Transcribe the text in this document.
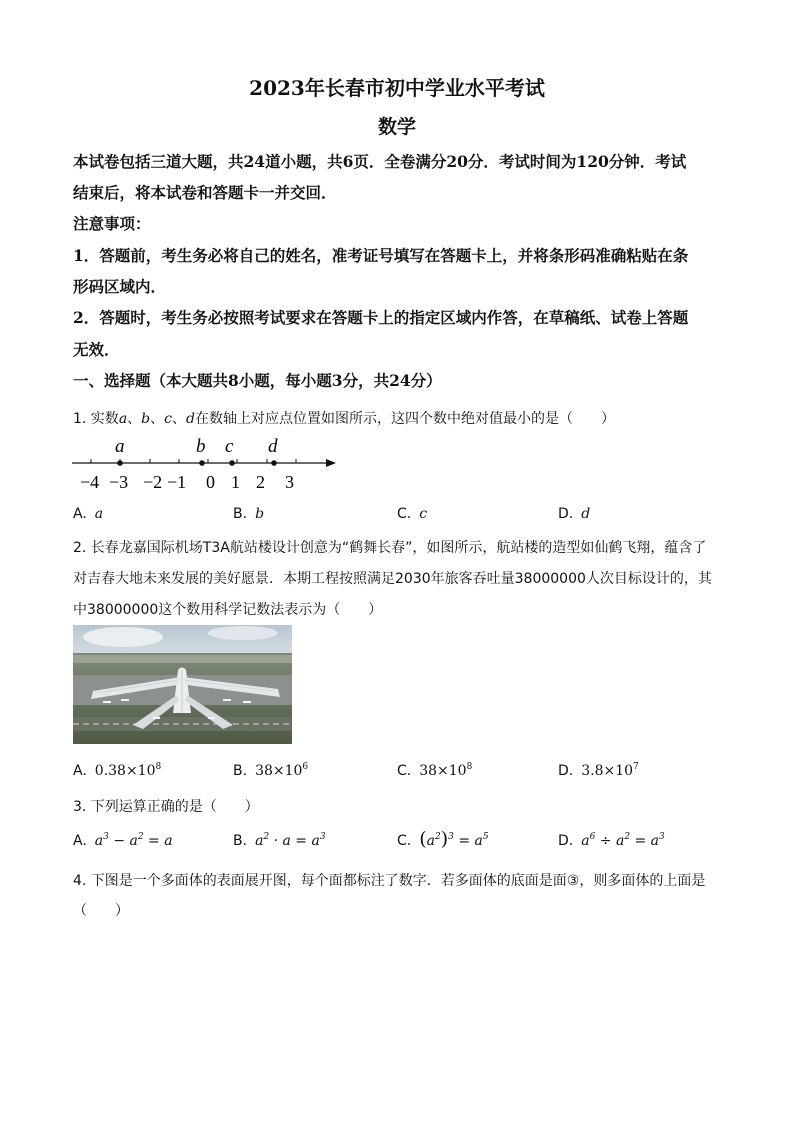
2023年长春市初中学业水平考试
数学
本试卷包括三道大题，共24道小题，共6页．全卷满分20分．考试时间为120分钟．考试
结束后，将本试卷和答题卡一并交回．
注意事项：
1．答题前，考生务必将自己的姓名，准考证号填写在答题卡上，并将条形码准确粘贴在条
形码区域内．
2．答题时，考生务必按照考试要求在答题卡上的指定区域内作答，在草稿纸、试卷上答题
无效．
一、选择题（本大题共8小题，每小题3分，共24分）
1. 实数a、b、c、d在数轴上对应点位置如图所示，这四个数中绝对值最小的是（　　）
a	b c d
−4 −3 −2 −1 0 1 2 3
A. a	B. b	C. c	D. d
2. 长春龙嘉国际机场T3A航站楼设计创意为“鹤舞长春”，如图所示，航站楼的造型如仙鹤飞翔，蕴含了
对吉春大地未来发展的美好愿景．本期工程按照满足2030年旅客吞吐量38000000人次目标设计的，其
中38000000这个数用科学记数法表示为（　　）
A. $0.38\times 10^8$	B. $38\times 10^6$	C. $38\times 10^8$	D. $3.8\times 10^7$
3. 下列运算正确的是（　　）
A. $a^3 - a^2 = a$	B. $a^2 \cdot a = a^3$	C. $(a^2)^3 = a^5$	D. $a^6 \div a^2 = a^3$
4. 下图是一个多面体的表面展开图，每个面都标注了数字．若多面体的底面是面③，则多面体的上面是
（　　）
